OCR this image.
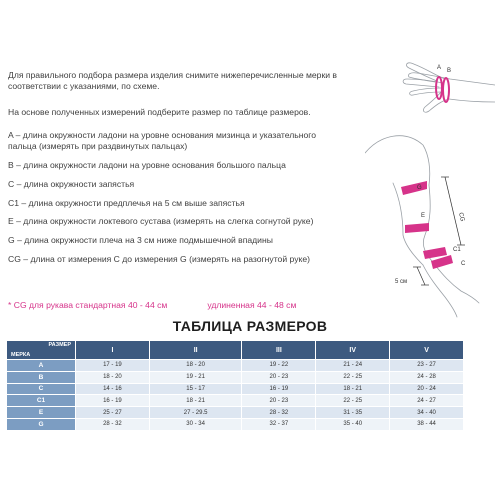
Для правильного подбора размера изделия снимите нижеперечисленные мерки в соответствии с указаниями, по схеме.
На основе полученных измерений подберите размер по таблице размеров.
A – длина окружности ладони на уровне основания мизинца и указательного пальца (измерять при раздвинутых пальцах)
B – длина окружности ладони на уровне основания большого пальца
C – длина окружности запястья
C1 – длина окружности предплечья на 5 см выше запястья
E – длина окружности локтевого сустава (измерять на слегка согнутой руке)
G – длина окружности плеча на 3 см ниже подмышечной впадины
CG – длина от измерения C до измерения G (измерять на разогнутой руке)
* CG для рукава стандартная 40 - 44 см	удлиненная 44 - 48 см
A B
G
E	CG
C1
C
5 см
ТАБЛИЦА РАЗМЕРОВ
РАЗМЕР
МЕРКА	I	II	III	IV	V
A	17 - 19	18 - 20	19 - 22	21 - 24	23 - 27
B	18 - 20	19 - 21	20 - 23	22 - 25	24 - 28
C	14 - 16	15 - 17	16 - 19	18 - 21	20 - 24
C1	16 - 19	18 - 21	20 - 23	22 - 25	24 - 27
E	25 - 27	27 - 29.5	28 - 32	31 - 35	34 - 40
G	28 - 32	30 - 34	32 - 37	35 - 40	38 - 44
